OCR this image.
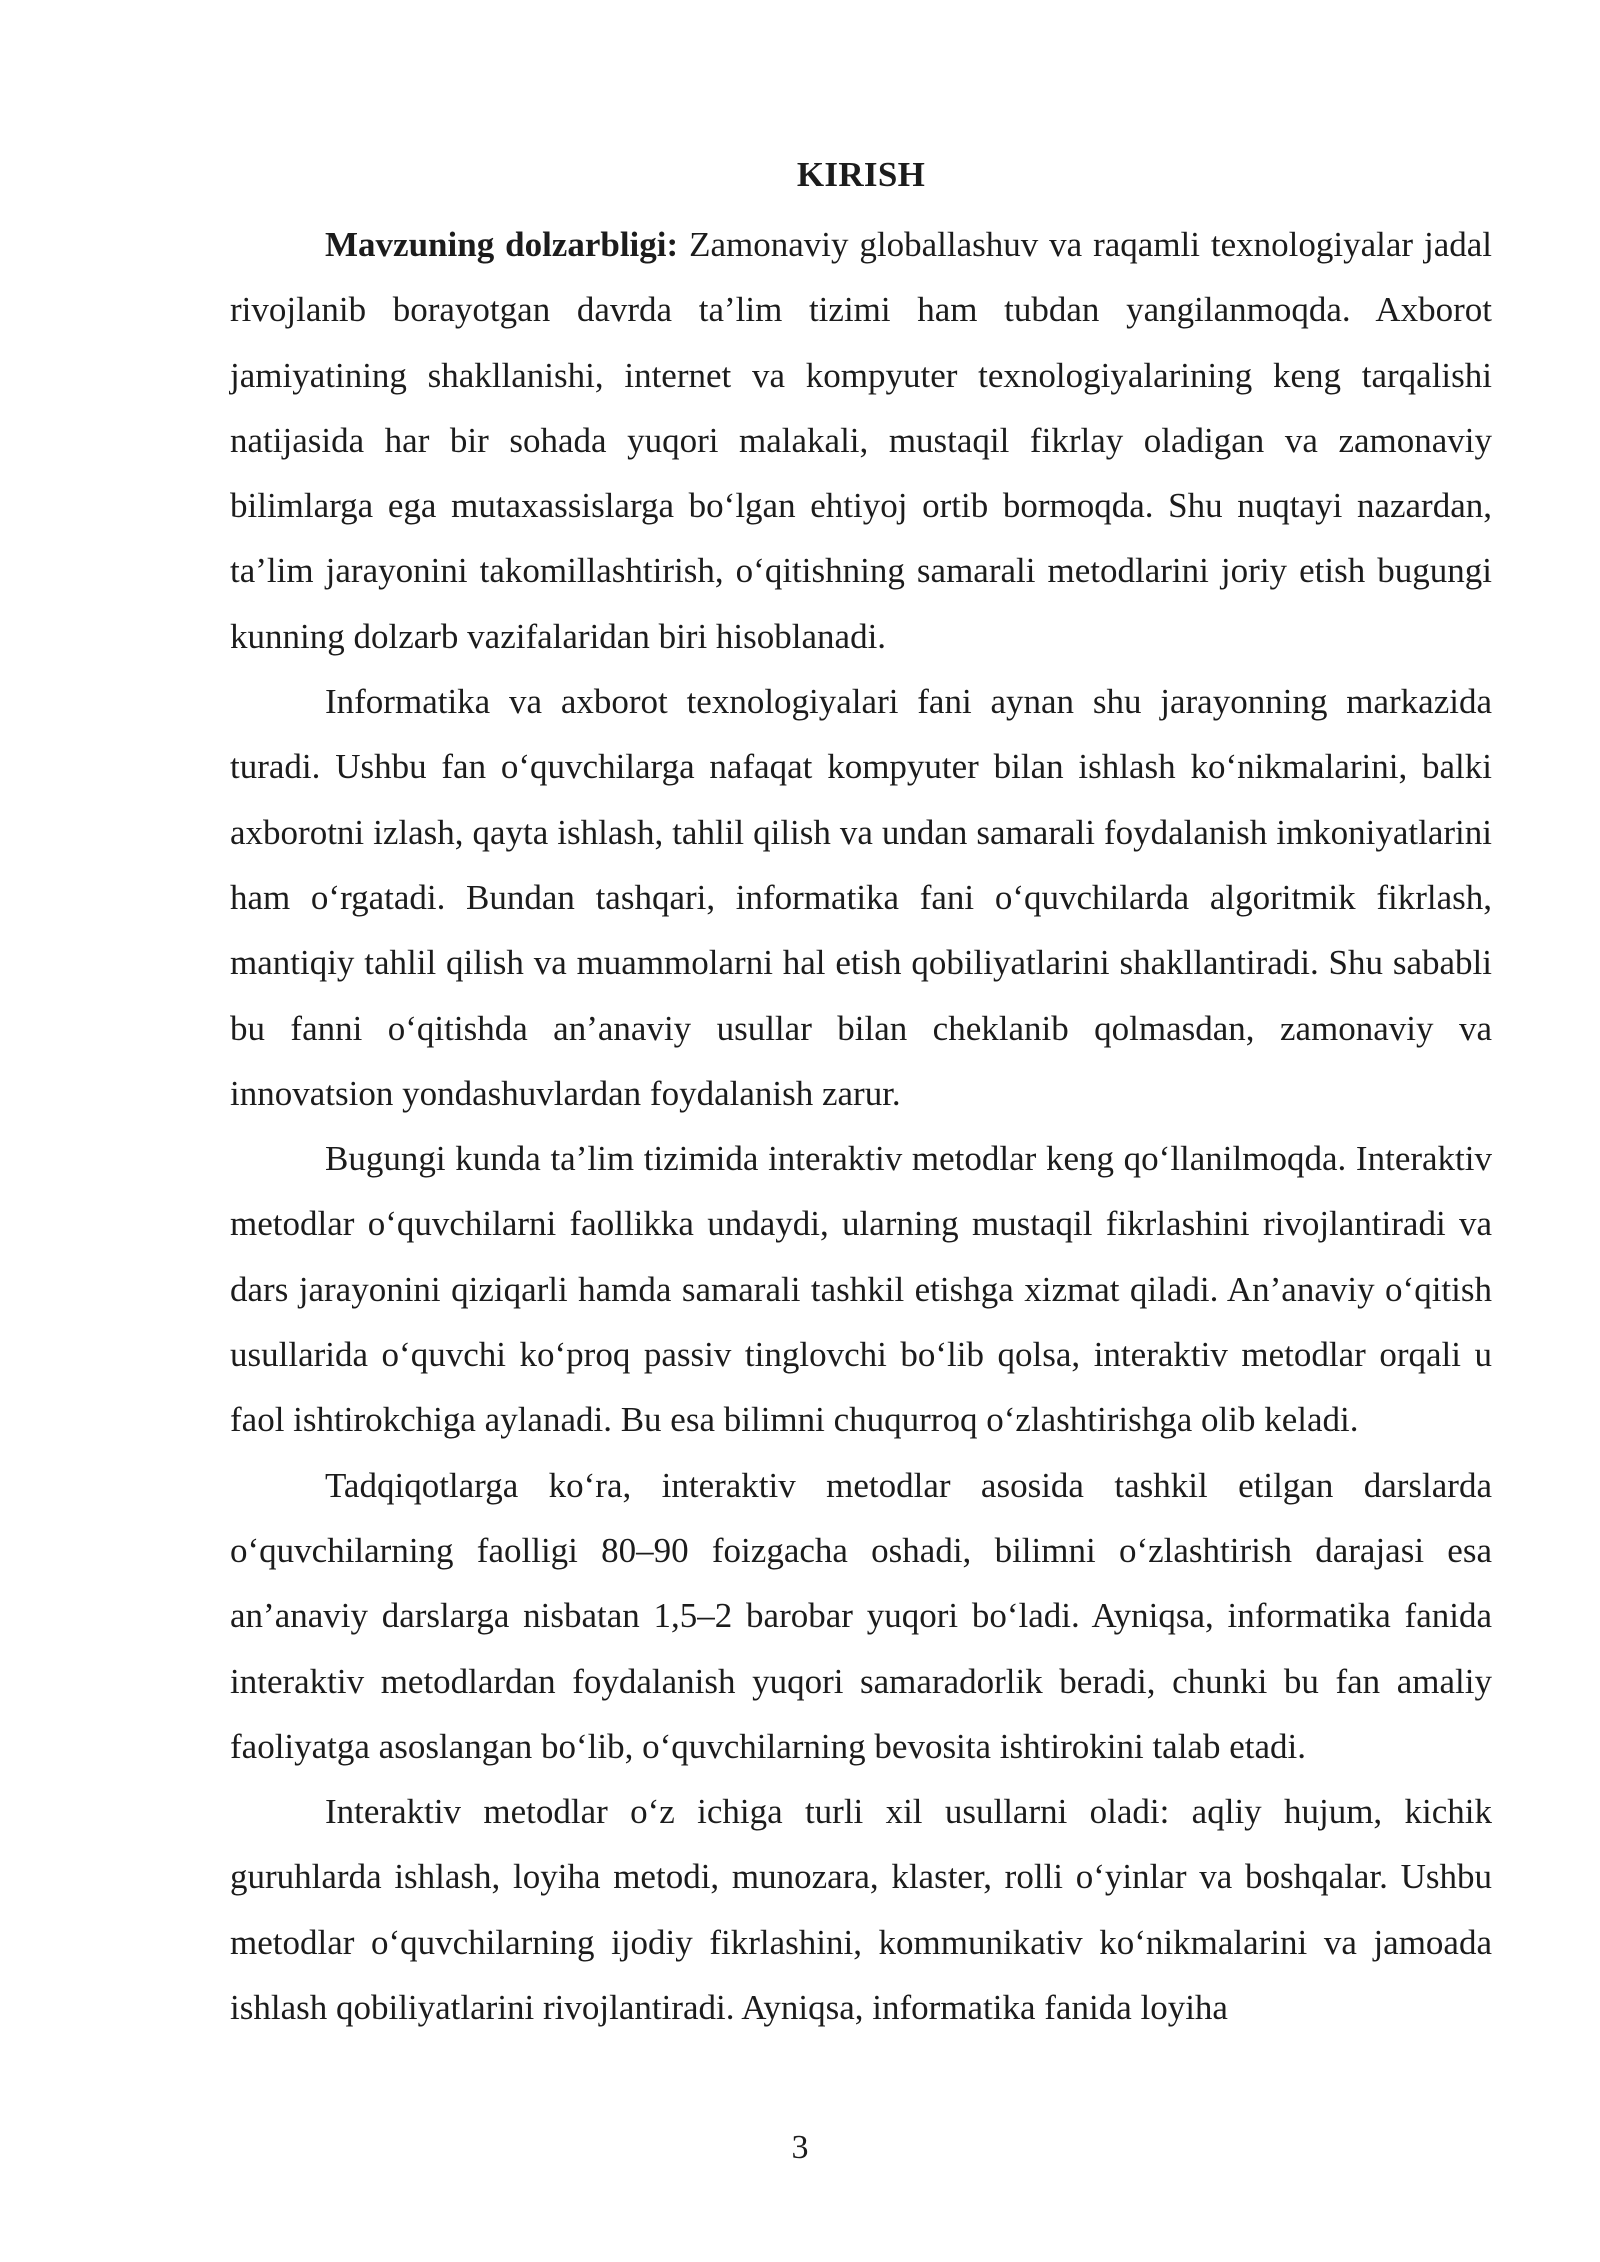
KIRISH

Mavzuning dolzarbligi: Zamonaviy globallashuv va raqamli texnologiyalar jadal rivojlanib borayotgan davrda ta’lim tizimi ham tubdan yangilanmoqda. Axborot jamiyatining shakllanishi, internet va kompyuter texnologiyalarining keng tarqalishi natijasida har bir sohada yuqori malakali, mustaqil fikrlay oladigan va zamonaviy bilimlarga ega mutaxassislarga bo‘lgan ehtiyoj ortib bormoqda. Shu nuqtayi nazardan, ta’lim jarayonini takomillashtirish, o‘qitishning samarali metodlarini joriy etish bugungi kunning dolzarb vazifalaridan biri hisoblanadi.

Informatika va axborot texnologiyalari fani aynan shu jarayonning markazida turadi. Ushbu fan o‘quvchilarga nafaqat kompyuter bilan ishlash ko‘nikmalarini, balki axborotni izlash, qayta ishlash, tahlil qilish va undan samarali foydalanish imkoniyatlarini ham o‘rgatadi. Bundan tashqari, informatika fani o‘quvchilarda algoritmik fikrlash, mantiqiy tahlil qilish va muammolarni hal etish qobiliyatlarini shakllantiradi. Shu sababli bu fanni o‘qitishda an’anaviy usullar bilan cheklanib qolmasdan, zamonaviy va innovatsion yondashuvlardan foydalanish zarur.

Bugungi kunda ta’lim tizimida interaktiv metodlar keng qo‘llanilmoqda. Interaktiv metodlar o‘quvchilarni faollikka undaydi, ularning mustaqil fikrlashini rivojlantiradi va dars jarayonini qiziqarli hamda samarali tashkil etishga xizmat qiladi. An’anaviy o‘qitish usullarida o‘quvchi ko‘proq passiv tinglovchi bo‘lib qolsa, interaktiv metodlar orqali u faol ishtirokchiga aylanadi. Bu esa bilimni chuqurroq o‘zlashtirishga olib keladi.

Tadqiqotlarga ko‘ra, interaktiv metodlar asosida tashkil etilgan darslarda o‘quvchilarning faolligi 80–90 foizgacha oshadi, bilimni o‘zlashtirish darajasi esa an’anaviy darslarga nisbatan 1,5–2 barobar yuqori bo‘ladi. Ayniqsa, informatika fanida interaktiv metodlardan foydalanish yuqori samaradorlik beradi, chunki bu fan amaliy faoliyatga asoslangan bo‘lib, o‘quvchilarning bevosita ishtirokini talab etadi.

Interaktiv metodlar o‘z ichiga turli xil usullarni oladi: aqliy hujum, kichik guruhlarda ishlash, loyiha metodi, munozara, klaster, rolli o‘yinlar va boshqalar. Ushbu metodlar o‘quvchilarning ijodiy fikrlashini, kommunikativ ko‘nikmalarini va jamoada ishlash qobiliyatlarini rivojlantiradi. Ayniqsa, informatika fanida loyiha

3
